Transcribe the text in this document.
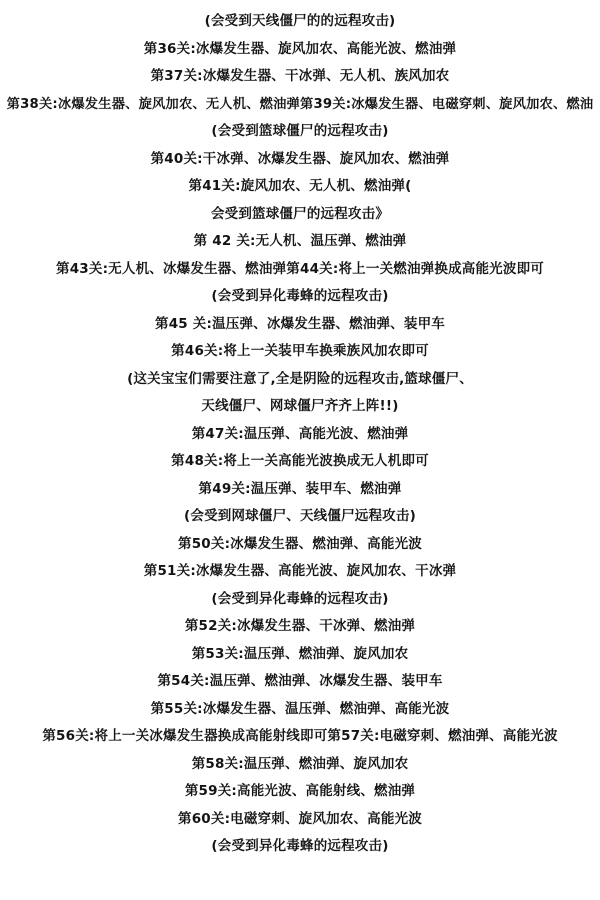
(会受到天线僵尸的的远程攻击)
第36关:冰爆发生器、旋风加农、高能光波、燃油弹
第37关:冰爆发生器、干冰弹、无人机、族风加农
第38关:冰爆发生器、旋风加农、无人机、燃油弹第39关:冰爆发生器、电磁穿刺、旋风加农、燃油
(会受到篮球僵尸的远程攻击)
第40关:干冰弹、冰爆发生器、旋风加农、燃油弹
第41关:旋风加农、无人机、燃油弹(
会受到篮球僵尸的远程攻击》
第 42 关:无人机、温压弹、燃油弹
第43关:无人机、冰爆发生器、燃油弹第44关:将上一关燃油弹换成高能光波即可
(会受到异化毒蜂的远程攻击)
第45 关:温压弹、冰爆发生器、燃油弹、装甲车
第46关:将上一关装甲车换乘族风加农即可
(这关宝宝们需要注意了,全是阴险的远程攻击,篮球僵尸、
天线僵尸、网球僵尸齐齐上阵!!)
第47关:温压弹、高能光波、燃油弹
第48关:将上一关高能光波换成无人机即可
第49关:温压弹、装甲车、燃油弹
(会受到网球僵尸、天线僵尸远程攻击)
第50关:冰爆发生器、燃油弹、高能光波
第51关:冰爆发生器、高能光波、旋风加农、干冰弹
(会受到异化毒蜂的远程攻击)
第52关:冰爆发生器、干冰弹、燃油弹
第53关:温压弹、燃油弹、旋风加农
第54关:温压弹、燃油弹、冰爆发生器、装甲车
第55关:冰爆发生器、温压弹、燃油弹、高能光波
第56关:将上一关冰爆发生器换成高能射线即可第57关:电磁穿刺、燃油弹、高能光波
第58关:温压弹、燃油弹、旋风加农
第59关:高能光波、高能射线、燃油弹
第60关:电磁穿刺、旋风加农、高能光波
(会受到异化毒蜂的远程攻击)
